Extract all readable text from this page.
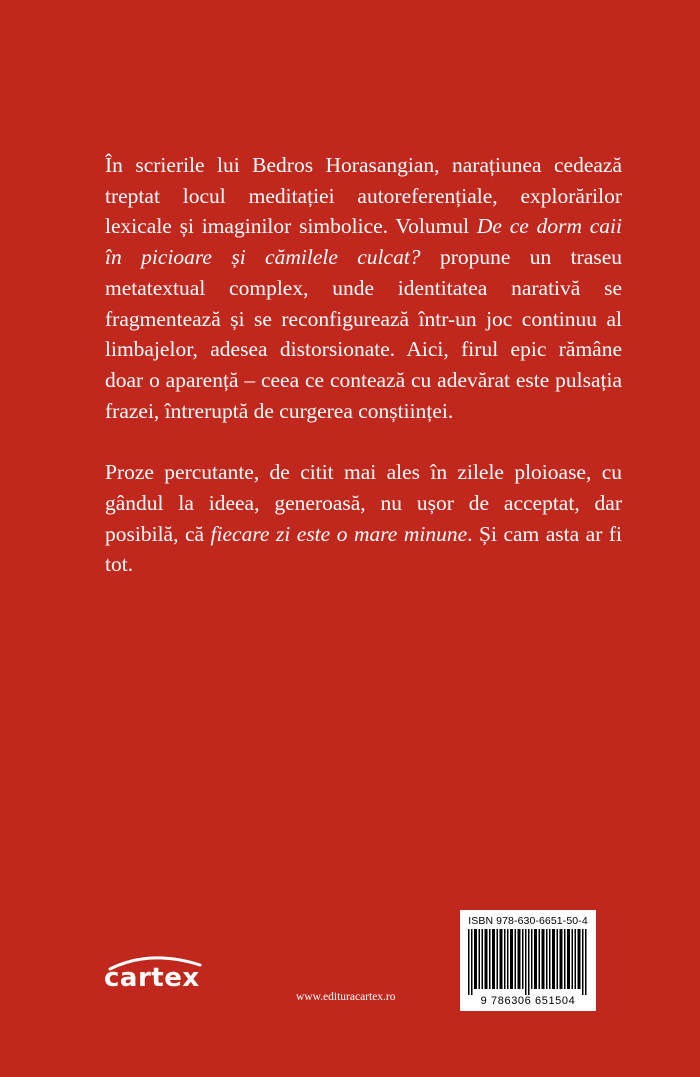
În scrierile lui Bedros Horasangian, narațiunea cedează treptat locul meditației autoreferențiale, explorărilor lexicale și imaginilor simbolice. Volumul De ce dorm caii în picioare și cămilele culcat? propune un traseu metatextual complex, unde identitatea narativă se fragmentează și se reconfigurează într-un joc continuu al limbajelor, adesea distorsionate. Aici, firul epic rămâne doar o aparență – ceea ce contează cu adevărat este pulsația frazei, întreruptă de curgerea conștiinței.

Proze percutante, de citit mai ales în zilele ploioase, cu gândul la ideea, generoasă, nu ușor de acceptat, dar posibilă, că fiecare zi este o mare minune. Și cam asta ar fi tot.

cartex
www.edituracartex.ro
ISBN 978-630-6651-50-4
9 786306 651504
